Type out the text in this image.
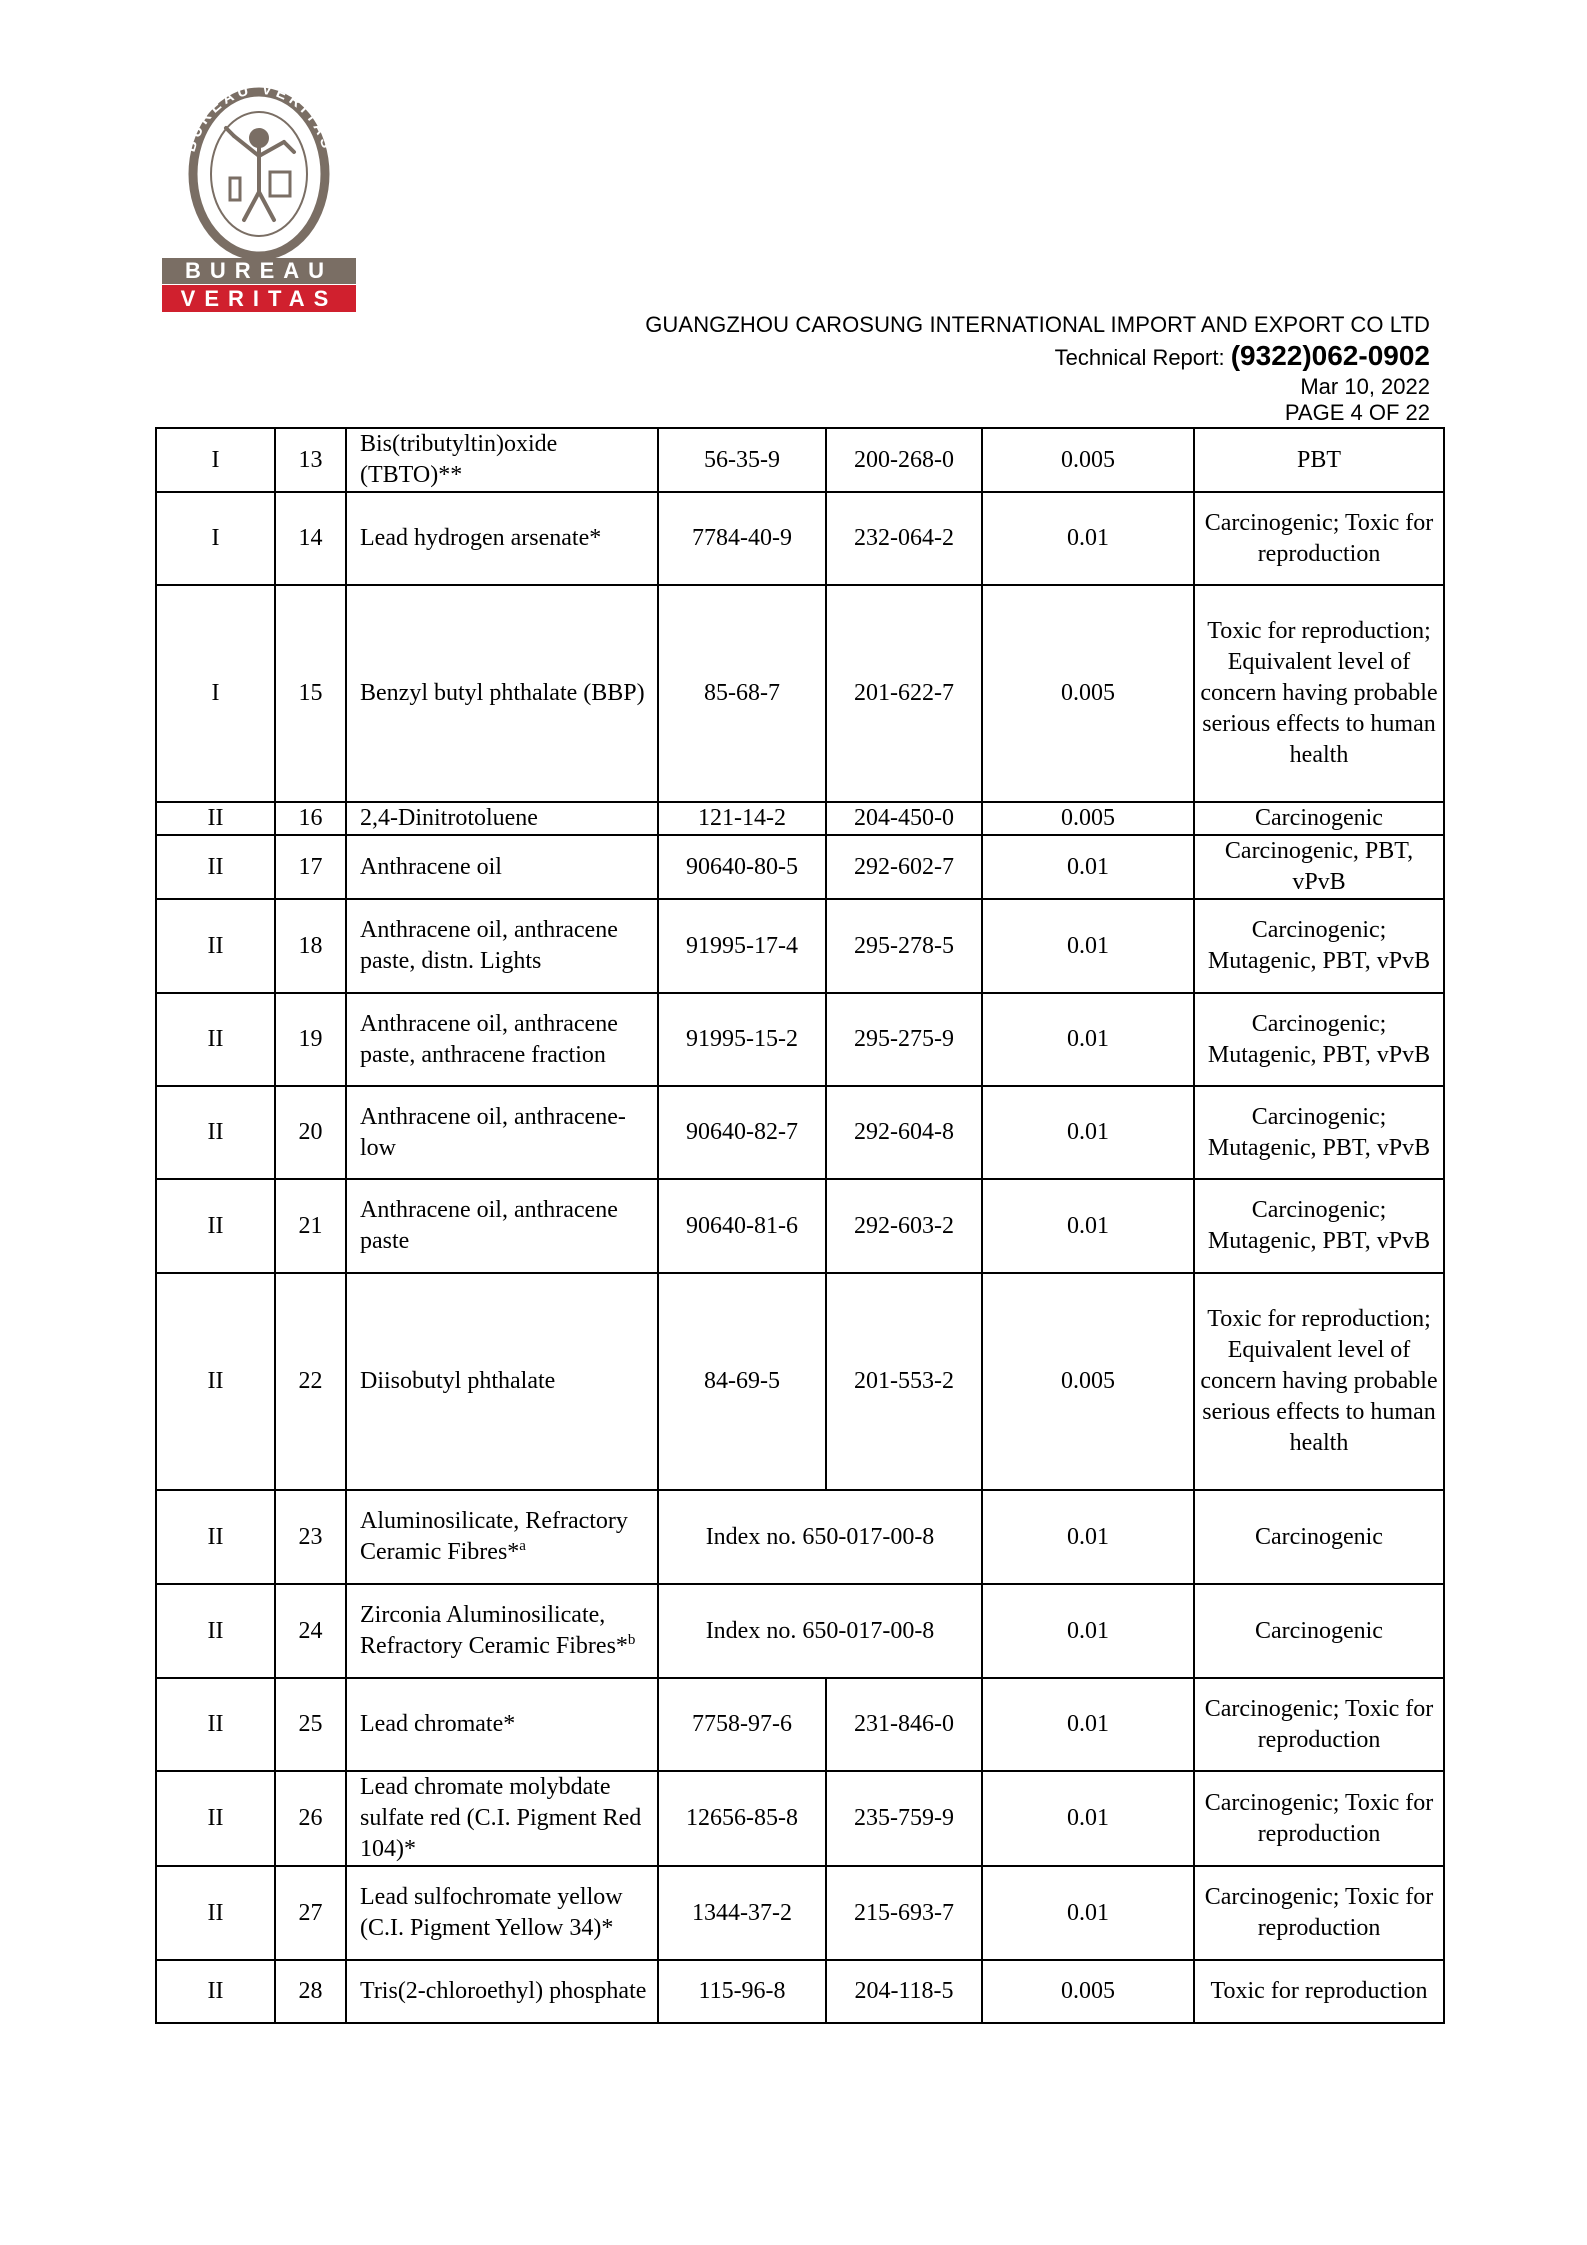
BUREAU VERITAS
1828
BUREAU
VERITAS
GUANGZHOU CAROSUNG INTERNATIONAL IMPORT AND EXPORT CO LTD
Technical Report: (9322)062-0902
Mar 10, 2022
PAGE 4 OF 22
I	13	Bis(tributyltin)oxide (TBTO)**	56-35-9	200-268-0	0.005	PBT
I	14	Lead hydrogen arsenate*	7784-40-9	232-064-2	0.01	Carcinogenic; Toxic for reproduction
I	15	Benzyl butyl phthalate (BBP)	85-68-7	201-622-7	0.005	Toxic for reproduction; Equivalent level of concern having probable serious effects to human health
II	16	2,4-Dinitrotoluene	121-14-2	204-450-0	0.005	Carcinogenic
II	17	Anthracene oil	90640-80-5	292-602-7	0.01	Carcinogenic, PBT, vPvB
II	18	Anthracene oil, anthracene paste, distn. Lights	91995-17-4	295-278-5	0.01	Carcinogenic; Mutagenic, PBT, vPvB
II	19	Anthracene oil, anthracene paste, anthracene fraction	91995-15-2	295-275-9	0.01	Carcinogenic; Mutagenic, PBT, vPvB
II	20	Anthracene oil, anthracene-low	90640-82-7	292-604-8	0.01	Carcinogenic; Mutagenic, PBT, vPvB
II	21	Anthracene oil, anthracene paste	90640-81-6	292-603-2	0.01	Carcinogenic; Mutagenic, PBT, vPvB
II	22	Diisobutyl phthalate	84-69-5	201-553-2	0.005	Toxic for reproduction; Equivalent level of concern having probable serious effects to human health
II	23	Aluminosilicate, Refractory Ceramic Fibres*$^a$	Index no. 650-017-00-8		0.01	Carcinogenic
II	24	Zirconia Aluminosilicate, Refractory Ceramic Fibres*$^b$	Index no. 650-017-00-8		0.01	Carcinogenic
II	25	Lead chromate*	7758-97-6	231-846-0	0.01	Carcinogenic; Toxic for reproduction
II	26	Lead chromate molybdate sulfate red (C.I. Pigment Red 104)*	12656-85-8	235-759-9	0.01	Carcinogenic; Toxic for reproduction
II	27	Lead sulfochromate yellow (C.I. Pigment Yellow 34)*	1344-37-2	215-693-7	0.01	Carcinogenic; Toxic for reproduction
II	28	Tris(2-chloroethyl) phosphate	115-96-8	204-118-5	0.005	Toxic for reproduction
